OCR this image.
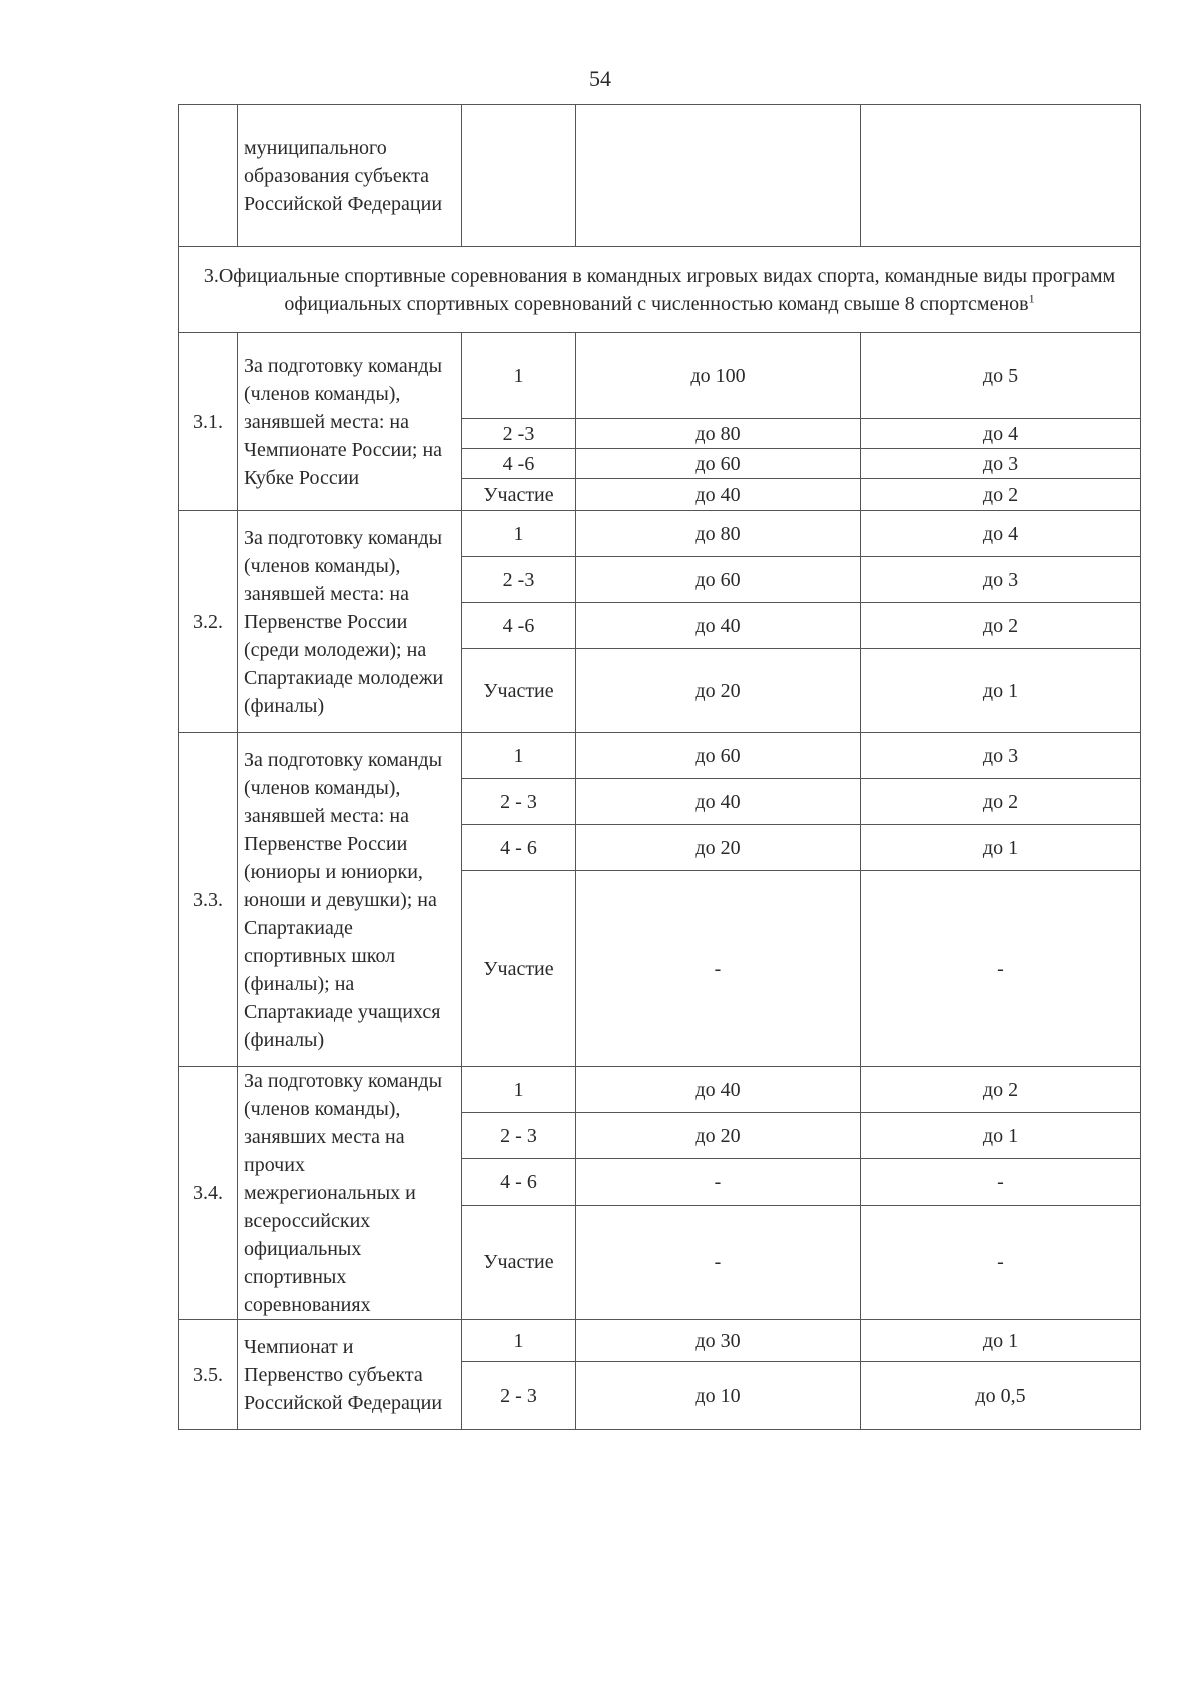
54
	муниципального образования субъекта Российской Федерации			
3.Официальные спортивные соревнования в командных игровых видах спорта, командные виды программ официальных спортивных соревнований с численностью команд свыше 8 спортсменов$^1$
3.1.	За подготовку команды (членов команды), занявшей места: на Чемпионате России; на Кубке России	1	до 100	до 5
		2 -3	до 80	до 4
		4 -6	до 60	до 3
		Участие	до 40	до 2
3.2.	За подготовку команды (членов команды), занявшей места: на Первенстве России (среди молодежи); на Спартакиаде молодежи (финалы)	1	до 80	до 4
		2 -3	до 60	до 3
		4 -6	до 40	до 2
		Участие	до 20	до 1
3.3.	За подготовку команды (членов команды), занявшей места: на Первенстве России (юниоры и юниорки, юноши и девушки); на Спартакиаде спортивных школ (финалы); на Спартакиаде учащихся (финалы)	1	до 60	до 3
		2 - 3	до 40	до 2
		4 - 6	до 20	до 1
		Участие	-	-
3.4.	За подготовку команды (членов команды), занявших места на прочих межрегиональных и всероссийских официальных спортивных соревнованиях	1	до 40	до 2
		2 - 3	до 20	до 1
		4 - 6	-	-
		Участие	-	-
3.5.	Чемпионат и Первенство субъекта Российской Федерации	1	до 30	до 1
		2 - 3	до 10	до 0,5
